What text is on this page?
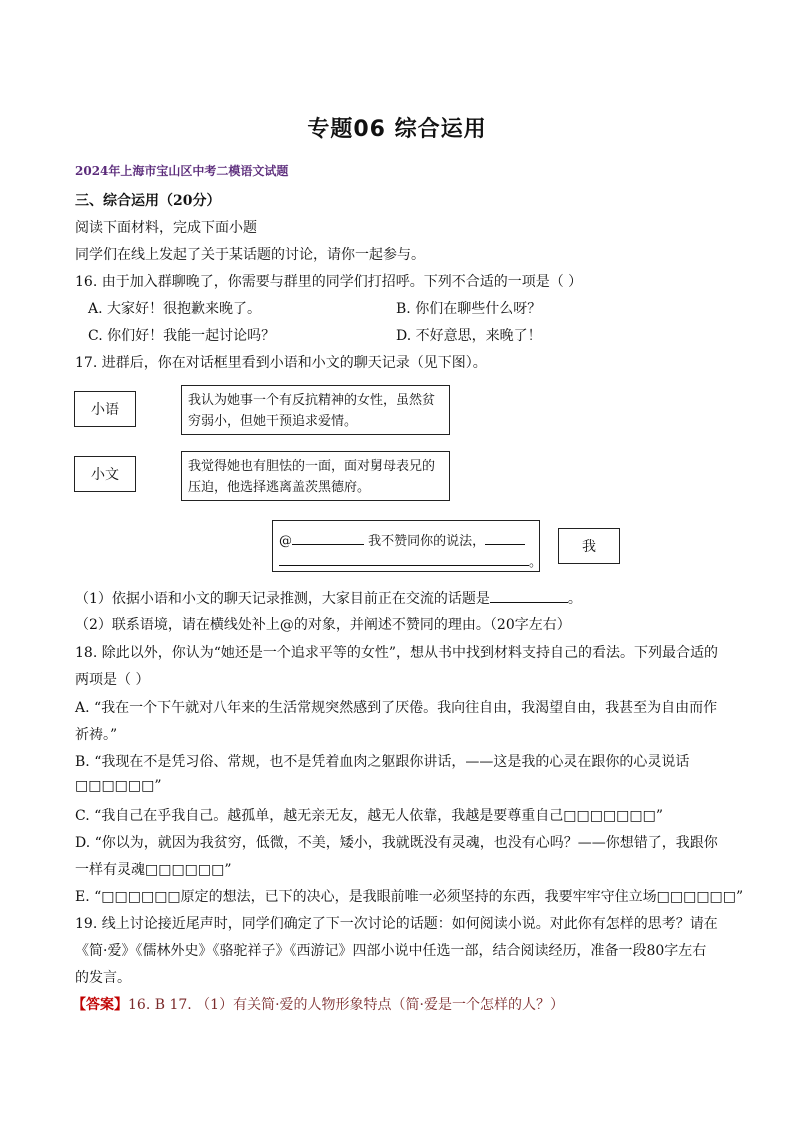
专题06 综合运用
2024年上海市宝山区中考二模语文试题
三、综合运用（20分）
阅读下面材料，完成下面小题
同学们在线上发起了关于某话题的讨论，请你一起参与。
16. 由于加入群聊晚了，你需要与群里的同学们打招呼。下列不合适的一项是（ ）
A. 大家好！很抱歉来晚了。	B. 你们在聊些什么呀？
C. 你们好！我能一起讨论吗？	D. 不好意思，来晚了！
17. 进群后，你在对话框里看到小语和小文的聊天记录（见下图）。
小语
我认为她事一个有反抗精神的女性，虽然贫穷弱小，但她干预追求爱情。
小文
我觉得她也有胆怯的一面，面对舅母表兄的压迫，他选择逃离盖茨黑德府。
@	我不赞同你的说法，
。
我
（1）依据小语和小文的聊天记录推测，大家目前正在交流的话题是	。
（2）联系语境，请在横线处补上@的对象，并阐述不赞同的理由。（20字左右）
18. 除此以外，你认为“她还是一个追求平等的女性”，想从书中找到材料支持自己的看法。下列最合适的
两项是（ ）
A. “我在一个下午就对八年来的生活常规突然感到了厌倦。我向往自由，我渴望自由，我甚至为自由而作
祈祷。”
B. “我现在不是凭习俗、常规，也不是凭着血肉之躯跟你讲话，——这是我的心灵在跟你的心灵说话
□□□□□□”
C. “我自己在乎我自己。越孤单，越无亲无友，越无人依靠，我越是要尊重自己□□□□□□□”
D. “你以为，就因为我贫穷，低微，不美，矮小，我就既没有灵魂，也没有心吗？——你想错了，我跟你
一样有灵魂□□□□□□”
E. “□□□□□□原定的想法，已下的决心，是我眼前唯一必须坚持的东西，我要牢牢守住立场□□□□□□”
19. 线上讨论接近尾声时，同学们确定了下一次讨论的话题：如何阅读小说。对此你有怎样的思考？请在
《简·爱》《儒林外史》《骆驼祥子》《西游记》四部小说中任选一部，结合阅读经历，准备一段80字左右
的发言。
【答案】16. B 17. （1）有关简·爱的人物形象特点（简·爱是一个怎样的人？）
